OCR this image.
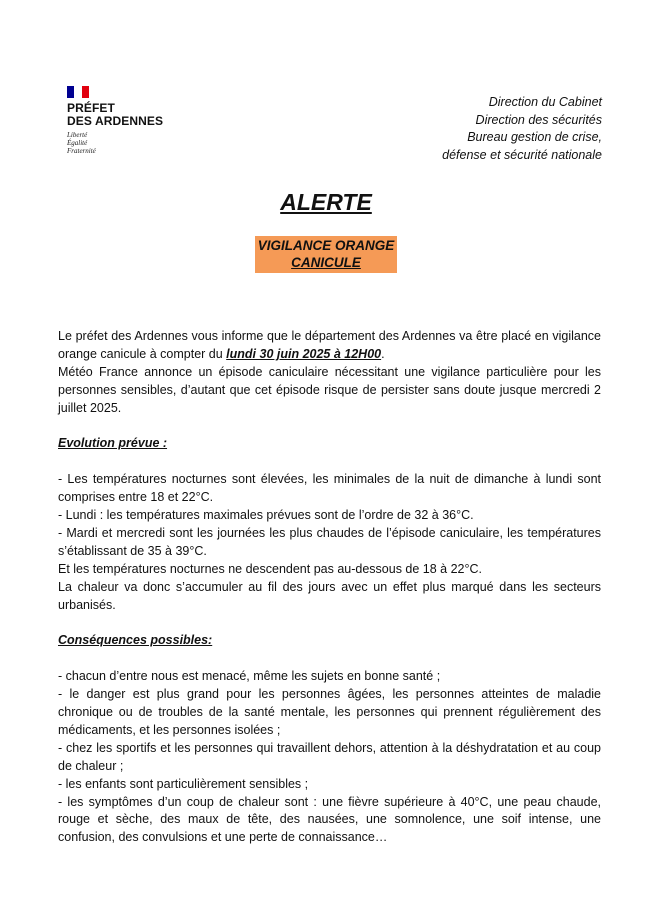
PRÉFET
DES ARDENNES
Liberté
Égalité
Fraternité
Direction du Cabinet
Direction des sécurités
Bureau gestion de crise,
défense et sécurité nationale
ALERTE
VIGILANCE ORANGE
CANICULE

Le préfet des Ardennes vous informe que le département des Ardennes va être placé en vigilance orange canicule à compter du lundi 30 juin 2025 à 12H00.

Météo France annonce un épisode caniculaire nécessitant une vigilance particulière pour les personnes sensibles, d’autant que cet épisode risque de persister sans doute jusque mercredi 2 juillet 2025.

Evolution prévue :

- Les températures nocturnes sont élevées, les minimales de la nuit de dimanche à lundi sont comprises entre 18 et 22°C.

- Lundi : les températures maximales prévues sont de l’ordre de 32 à 36°C.

- Mardi et mercredi sont les journées les plus chaudes de l’épisode caniculaire, les températures s’établissant de 35 à 39°C.

Et les températures nocturnes ne descendent pas au-dessous de 18 à 22°C.

La chaleur va donc s’accumuler au fil des jours avec un effet plus marqué dans les secteurs urbanisés.

Conséquences possibles:

- chacun d’entre nous est menacé, même les sujets en bonne santé ;

- le danger est plus grand pour les personnes âgées, les personnes atteintes de maladie chronique ou de troubles de la santé mentale, les personnes qui prennent régulièrement des médicaments, et les personnes isolées ;

- chez les sportifs et les personnes qui travaillent dehors, attention à la déshydratation et au coup de chaleur ;

- les enfants sont particulièrement sensibles ;

- les symptômes d’un coup de chaleur sont : une fièvre supérieure à 40°C, une peau chaude, rouge et sèche, des maux de tête, des nausées, une somnolence, une soif intense, une confusion, des convulsions et une perte de connaissance…
